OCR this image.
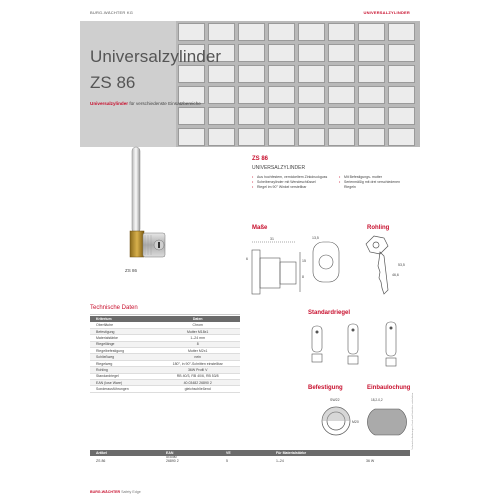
BURG-WÄCHTER KG	UNIVERSALZYLINDER
Universalzylinder
ZS 86
Universalzylinder für verschiedenste Einsatzbereiche
ZS 86
ZS 86
UNIVERSALZYLINDER
• Aus hochfestem, vernickeltem Zinkdruckguss
• Scheibenzylinder mit Wendeschlüssel
• Riegel im 90° Winkel verstellbar
• Mit Befestigungs- mutter
• Serienmäßig mit drei verschiedenen Riegeln
Maße
31
6	15
8
13,5
Rohling
53,5
46,6
Technische Daten
Kriterium	Daten
Oberfläche	Chrom
Befestigung	Mutter M18x1
Materialstärke	1–24 mm
Riegellänge	8
Riegelbefestigung	Mutter M2x1
Schließweg	nein
Riegelweg	180°, in 90°-Schritten einstellbar
Rohling	36W Profil V
Standardriegel	RB 40/3, RB 40/6, RB 53/8
EAN (lose Ware)	40.03482 26890 2
Sonderausführungen	gleichschließend
Standardriegel
Befestigung
SW22
M20
Einbaulochung
18,2-0,2
Artikel	EAN	VE	Für Materialstärke	
	40.03482			
ZS 86	26890 2	5	1–24	36 W
BURG-WÄCHTER Safety Edge
Technische Änderungen, Druck und Satzfehler vorbehalten.
